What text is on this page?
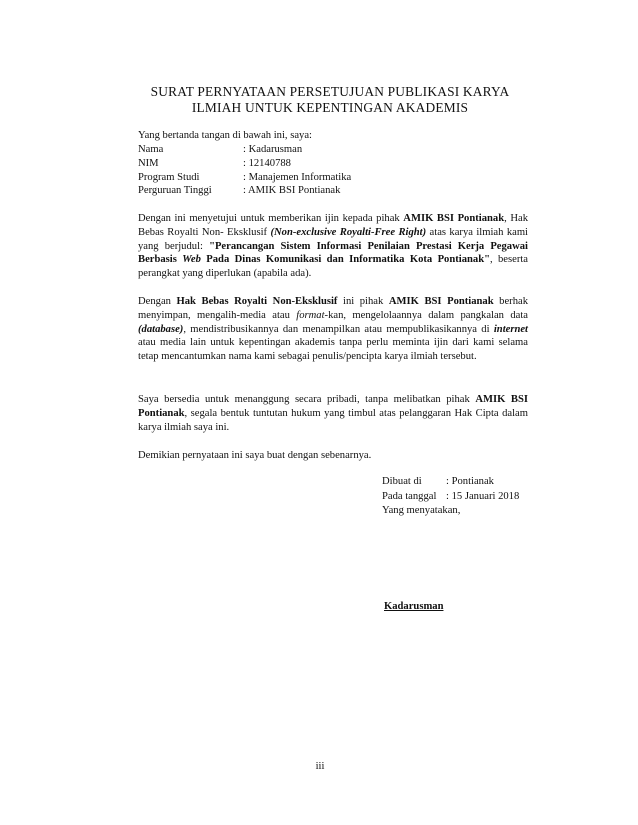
SURAT PERNYATAAN PERSETUJUAN PUBLIKASI KARYA
ILMIAH UNTUK KEPENTINGAN AKADEMIS
Yang bertanda tangan di bawah ini, saya:
Nama	: Kadarusman
NIM	: 12140788
Program Studi	: Manajemen Informatika
Perguruan Tinggi	: AMIK BSI Pontianak
Dengan ini menyetujui untuk memberikan ijin kepada pihak AMIK BSI Pontianak, Hak Bebas Royalti Non- Eksklusif (Non-exclusive Royalti-Free Right) atas karya ilmiah kami yang berjudul: "Perancangan Sistem Informasi Penilaian Prestasi Kerja Pegawai Berbasis Web Pada Dinas Komunikasi dan Informatika Kota Pontianak", beserta perangkat yang diperlukan (apabila ada).
Dengan Hak Bebas Royalti Non-Eksklusif ini pihak AMIK BSI Pontianak berhak menyimpan, mengalih-media atau format-kan, mengelolaannya dalam pangkalan data (database), mendistribusikannya dan menampilkan atau mempublikasikannya di internet atau media lain untuk kepentingan akademis tanpa perlu meminta ijin dari kami selama tetap mencantumkan nama kami sebagai penulis/pencipta karya ilmiah tersebut.
Saya bersedia untuk menanggung secara pribadi, tanpa melibatkan pihak AMIK BSI Pontianak, segala bentuk tuntutan hukum yang timbul atas pelanggaran Hak Cipta dalam karya ilmiah saya ini.
Demikian pernyataan ini saya buat dengan sebenarnya.
Dibuat di : Pontianak
Pada tanggal : 15 Januari 2018
Yang menyatakan,
Kadarusman
iii
